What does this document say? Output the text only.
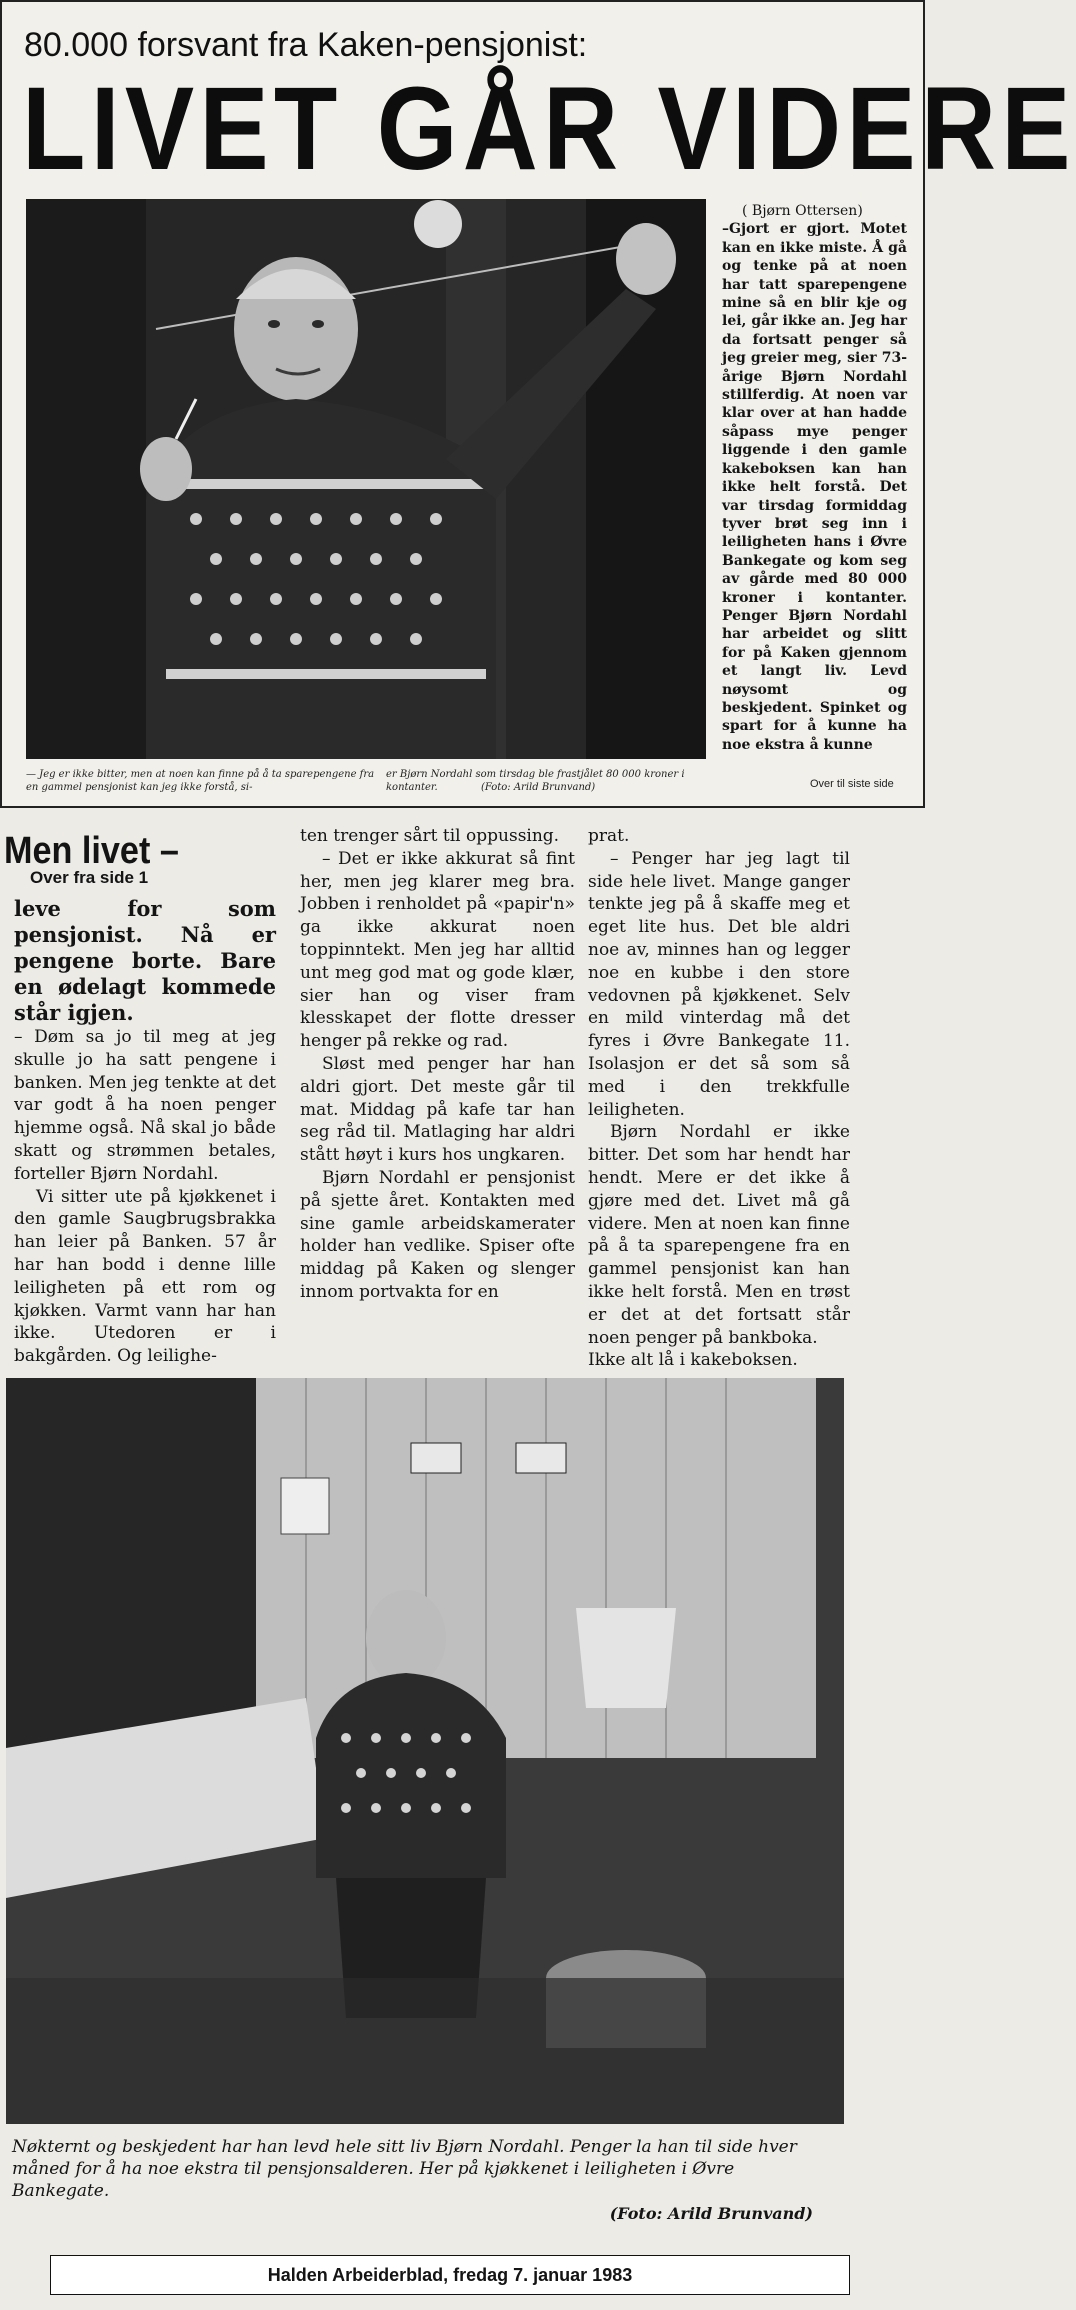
80.000 forsvant fra Kaken-pensjonist:
LIVET GÅR VIDERE
— Jeg er ikke bitter, men at noen kan finne på å ta sparepengene fra en gammel pensjonist kan jeg ikke forstå, si-
er Bjørn Nordahl som tirsdag ble frastjålet 80 000 kroner i kontanter.	(Foto: Arild Brunvand)
( Bjørn Ottersen)
–Gjort er gjort. Motet kan en ikke miste. Å gå og tenke på at noen har tatt sparepengene mine så en blir kje og lei, går ikke an. Jeg har da fortsatt penger så jeg greier meg, sier 73-årige Bjørn Nordahl stillferdig. At noen var klar over at han hadde såpass mye penger liggende i den gamle kakeboksen kan han ikke helt forstå. Det var tirsdag formiddag tyver brøt seg inn i leiligheten hans i Øvre Bankegate og kom seg av gårde med 80 000 kroner i kontanter. Penger Bjørn Nordahl har arbeidet og slitt for på Kaken gjennom et langt liv. Levd nøysomt og beskjedent. Spinket og spart for å kunne ha noe ekstra å kunne
Over til siste side
Men livet –
Over fra side 1

leve for som pensjonist. Nå er pengene borte. Bare en ødelagt kommede står igjen.

– Døm sa jo til meg at jeg skulle jo ha satt pengene i banken. Men jeg tenkte at det var godt å ha noen penger hjemme også. Nå skal jo både skatt og strømmen betales, forteller Bjørn Nordahl.

Vi sitter ute på kjøkkenet i den gamle Saugbrugsbrakka han leier på Banken. 57 år har han bodd i denne lille leiligheten på ett rom og kjøkken. Varmt vann har han ikke. Utedoren er i bakgården. Og leilighe-

ten trenger sårt til oppussing.

– Det er ikke akkurat så fint her, men jeg klarer meg bra. Jobben i renholdet på «papir'n» ga ikke akkurat noen toppinntekt. Men jeg har alltid unt meg god mat og gode klær, sier han og viser fram klesskapet der flotte dresser henger på rekke og rad.

Sløst med penger har han aldri gjort. Det meste går til mat. Middag på kafe tar han seg råd til. Matlaging har aldri stått høyt i kurs hos ungkaren.

Bjørn Nordahl er pensjonist på sjette året. Kontakten med sine gamle arbeidskamerater holder han vedlike. Spiser ofte middag på Kaken og slenger innom portvakta for en

prat.

– Penger har jeg lagt til side hele livet. Mange ganger tenkte jeg på å skaffe meg et eget lite hus. Det ble aldri noe av, minnes han og legger noe en kubbe i den store vedovnen på kjøkkenet. Selv en mild vinterdag må det fyres i Øvre Bankegate 11. Isolasjon er det så som så med i den trekkfulle leiligheten.

Bjørn Nordahl er ikke bitter. Det som har hendt har hendt. Mere er det ikke å gjøre med det. Livet må gå videre. Men at noen kan finne på å ta sparepengene fra en gammel pensjonist kan han ikke helt forstå. Men en trøst er det at det fortsatt står noen penger på bankboka.

Ikke alt lå i kakeboksen.

Nøkternt og beskjedent har han levd hele sitt liv Bjørn Nordahl. Penger la han til side hver måned for å ha noe ekstra til pensjonsalderen. Her på kjøkkenet i leiligheten i Øvre Bankegate.
(Foto: Arild Brunvand)
Halden Arbeiderblad, fredag 7. januar 1983
